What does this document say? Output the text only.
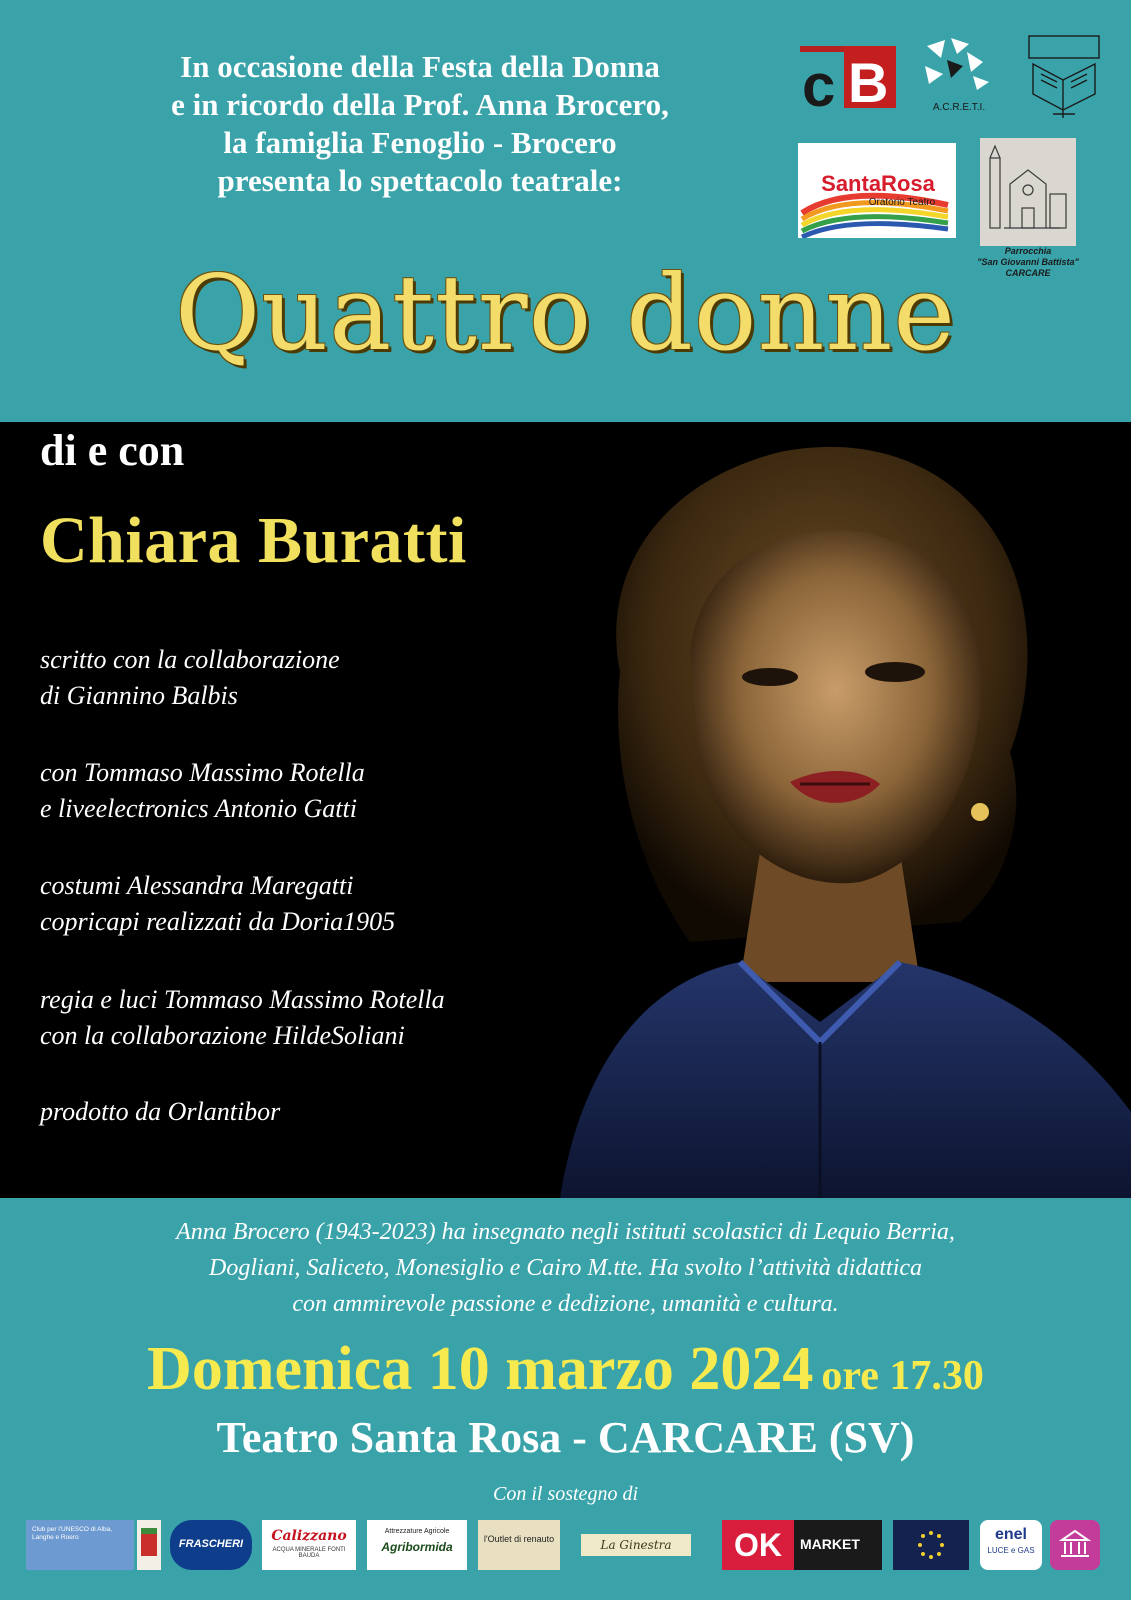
In occasione della Festa della Donna
e in ricordo della Prof. Anna Brocero,
la famiglia Fenoglio - Brocero
presenta lo spettacolo teatrale:
c B	A.C.R.E.T.I.
SantaRosa
Oratorio Teatro
Parrocchia
"San Giovanni Battista"
CARCARE
Quattro donne
di e con
Chiara Buratti
scritto con la collaborazione
di Giannino Balbis
con Tommaso Massimo Rotella
e liveelectronics Antonio Gatti
costumi Alessandra Maregatti
copricapi realizzati da Doria1905
regia e luci Tommaso Massimo Rotella
con la collaborazione HildeSoliani
prodotto da Orlantibor
Anna Brocero (1943-2023) ha insegnato negli istituti scolastici di Lequio Berria,
Dogliani, Saliceto, Monesiglio e Cairo M.tte. Ha svolto l’attività didattica
con ammirevole passione e dedizione, umanità e cultura.
Domenica 10 marzo 2024 ore 17.30
Teatro Santa Rosa - CARCARE (SV)
Con il sostegno di
Club per l'UNESCO di Alba, Langhe e Roero
FRASCHERI	Calizzano
ACQUA MINERALE FONTI BAUDA
Attrezzature Agricole
Agribormida
l'Outlet di renauto	La Ginestra	OK	MARKET
enel
LUCE e GAS
